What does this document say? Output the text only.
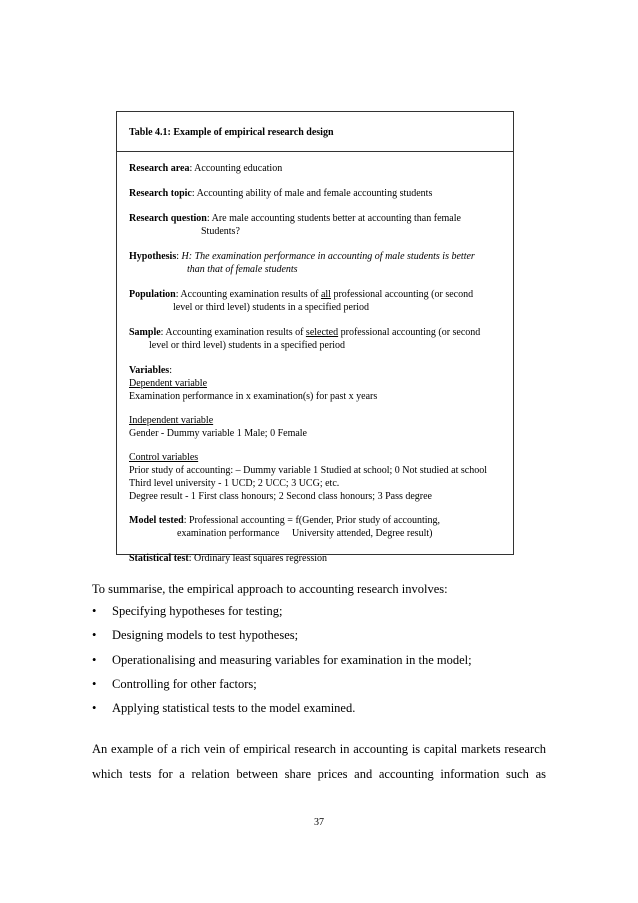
Table 4.1: Example of empirical research design
Research area: Accounting education
Research topic: Accounting ability of male and female accounting students
Research question: Are male accounting students better at accounting than female
Students?
Hypothesis: H: The examination performance in accounting of male students is better
than that of female students
Population: Accounting examination results of all professional accounting (or second
level or third level) students in a specified period
Sample: Accounting examination results of selected professional accounting (or second
level or third level) students in a specified period
Variables:
Dependent variable
Examination performance in x examination(s) for past x years
Independent variable
Gender - Dummy variable 1 Male; 0 Female
Control variables
Prior study of accounting: – Dummy variable 1 Studied at school; 0 Not studied at school
Third level university - 1 UCD; 2 UCC; 3 UCG; etc.
Degree result - 1 First class honours; 2 Second class honours; 3 Pass degree
Model tested: Professional accounting = f(Gender, Prior study of accounting,
examination performance     University attended, Degree result)
Statistical test: Ordinary least squares regression
To summarise, the empirical approach to accounting research involves:
•	Specifying hypotheses for testing;
•	Designing models to test hypotheses;
•	Operationalising and measuring variables for examination in the model;
•	Controlling for other factors;
•	Applying statistical tests to the model examined.
An example of a rich vein of empirical research in accounting is capital markets research
which tests for a relation between share prices and accounting information such as
37
